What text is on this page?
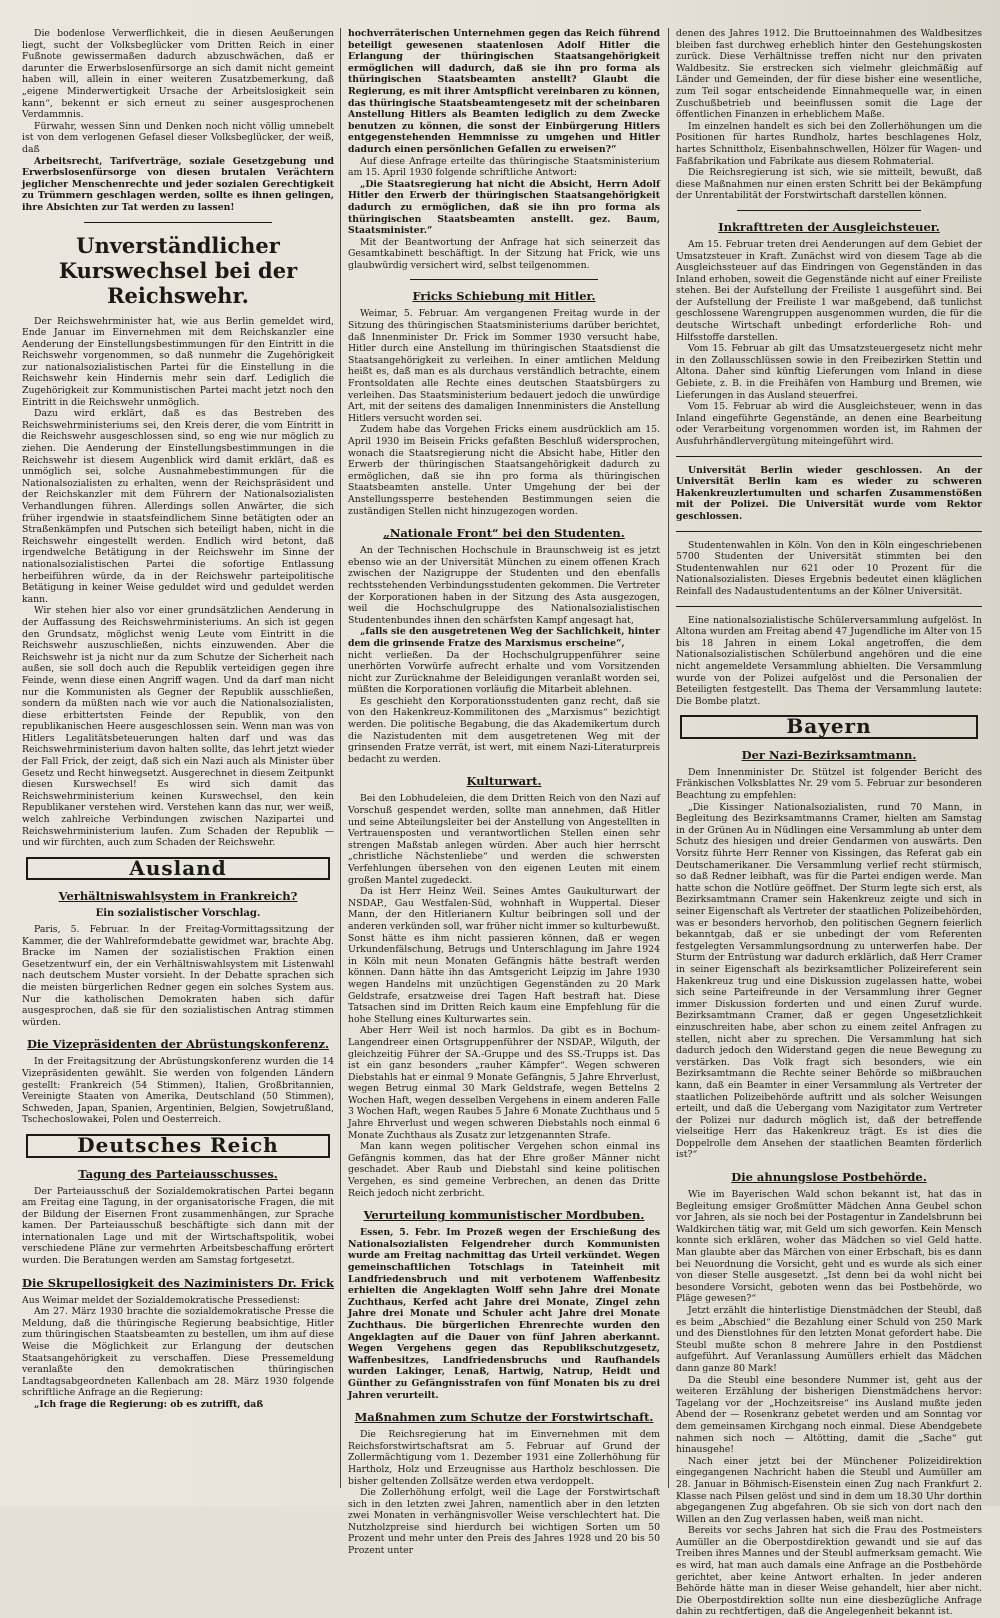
Die bodenlose Verwerflichkeit, die in diesen Aeußerungen liegt, sucht der Volksbeglücker vom Dritten Reich in einer Fußnote gewissermaßen dadurch abzuschwächen, daß er darunter die Erwerbslosenfürsorge an sich damit nicht gemeint haben will, allein in einer weiteren Zusatzbemerkung, daß „eigene Minderwertigkeit Ursache der Arbeitslosigkeit sein kann“, bekennt er sich erneut zu seiner ausgesprochenen Verdammnis.

Fürwahr, wessen Sinn und Denken noch nicht völlig umnebelt ist von dem verlogenen Gefasel dieser Volksbeglücker, der weiß, daß

Arbeitsrecht, Tarifverträge, soziale Gesetzgebung und Erwerbslosenfürsorge von diesen brutalen Verächtern jeglicher Menschenrechte und jeder sozialen Gerechtigkeit zu Trümmern geschlagen werden, sollte es ihnen gelingen, ihre Absichten zur Tat werden zu lassen!

Unverständlicher Kurswechsel bei der Reichswehr.

Der Reichswehrminister hat, wie aus Berlin gemeldet wird, Ende Januar im Einvernehmen mit dem Reichskanzler eine Aenderung der Einstellungsbestimmungen für den Eintritt in die Reichswehr vorgenommen, so daß nunmehr die Zugehörigkeit zur nationalsozialistischen Partei für die Einstellung in die Reichswehr kein Hindernis mehr sein darf. Lediglich die Zugehörigkeit zur Kommunistischen Partei macht jetzt noch den Eintritt in die Reichswehr unmöglich.

Dazu wird erklärt, daß es das Bestreben des Reichswehrministeriums sei, den Kreis derer, die vom Eintritt in die Reichswehr ausgeschlossen sind, so eng wie nur möglich zu ziehen. Die Aenderung der Einstellungsbestimmungen in die Reichswehr ist diesem Augenblick wird damit erklärt, daß es unmöglich sei, solche Ausnahmebestimmungen für die Nationalsozialisten zu erhalten, wenn der Reichspräsident und der Reichskanzler mit dem Führern der Nationalsozialisten Verhandlungen führen. Allerdings sollen Anwärter, die sich früher irgendwie in staatsfeindlichem Sinne betätigten oder an Straßenkämpfen und Putschen sich beteiligt haben, nicht in die Reichswehr eingestellt werden. Endlich wird betont, daß irgendwelche Betätigung in der Reichswehr im Sinne der nationalsozialistischen Partei die sofortige Entlassung herbeiführen würde, da in der Reichswehr parteipolitische Betätigung in keiner Weise geduldet wird und geduldet werden kann.

Wir stehen hier also vor einer grundsätzlichen Aenderung in der Auffassung des Reichswehrministeriums. An sich ist gegen den Grundsatz, möglichst wenig Leute vom Eintritt in die Reichswehr auszuschließen, nichts einzuwenden. Aber die Reichswehr ist ja nicht nur da zum Schutze der Sicherheit nach außen, sie soll doch auch die Republik verteidigen gegen ihre Feinde, wenn diese einen Angriff wagen. Und da darf man nicht nur die Kommunisten als Gegner der Republik ausschließen, sondern da müßten nach wie vor auch die Nationalsozialisten, diese erbittertsten Feinde der Republik, von den republikanischen Heere ausgeschlossen sein. Wenn man was von Hitlers Legalitätsbeteuerungen halten darf und was das Reichswehrministerium davon halten sollte, das lehrt jetzt wieder der Fall Frick, der zeigt, daß sich ein Nazi auch als Minister über Gesetz und Recht hinwegsetzt. Ausgerechnet in diesem Zeitpunkt diesen Kurswechsel! Es wird sich damit das Reichswehrministerium keinen Kurswechsel, den kein Republikaner verstehen wird. Verstehen kann das nur, wer weiß, welch zahlreiche Verbindungen zwischen Nazipartei und Reichswehrministerium laufen. Zum Schaden der Republik — und wir fürchten, auch zum Schaden der Reichswehr.

Ausland
Verhältniswahlsystem in Frankreich?
Ein sozialistischer Vorschlag.

Paris, 5. Februar. In der Freitag-Vormittagssitzung der Kammer, die der Wahlreformdebatte gewidmet war, brachte Abg. Bracke im Namen der sozialistischen Fraktion einen Gesetzentwurf ein, der ein Verhältniswahlsystem mit Listenwahl nach deutschem Muster vorsieht. In der Debatte sprachen sich die meisten bürgerlichen Redner gegen ein solches System aus. Nur die katholischen Demokraten haben sich dafür ausgesprochen, daß sie für den sozialistischen Antrag stimmen würden.

Die Vizepräsidenten der Abrüstungskonferenz.

In der Freitagsitzung der Abrüstungskonferenz wurden die 14 Vizepräsidenten gewählt. Sie werden von folgenden Ländern gestellt: Frankreich (54 Stimmen), Italien, Großbritannien, Vereinigte Staaten von Amerika, Deutschland (50 Stimmen), Schweden, Japan, Spanien, Argentinien, Belgien, Sowjetrußland, Tschechoslowakei, Polen und Oesterreich.

Deutsches Reich
Tagung des Parteiausschusses.

Der Parteiausschuß der Sozialdemokratischen Partei begann am Freitag eine Tagung, in der organisatorische Fragen, die mit der Bildung der Eisernen Front zusammenhängen, zur Sprache kamen. Der Parteiausschuß beschäftigte sich dann mit der internationalen Lage und mit der Wirtschaftspolitik, wobei verschiedene Pläne zur vermehrten Arbeitsbeschaffung erörtert wurden. Die Beratungen werden am Samstag fortgesetzt.

Die Skrupellosigkeit des Naziministers Dr. Frick

Aus Weimar meldet der Sozialdemokratische Pressedienst:

Am 27. März 1930 brachte die sozialdemokratische Presse die Meldung, daß die thüringische Regierung beabsichtige, Hitler zum thüringischen Staatsbeamten zu bestellen, um ihm auf diese Weise die Möglichkeit zur Erlangung der deutschen Staatsangehörigkeit zu verschaffen. Diese Pressemeldung veranlaßte den demokratischen thüringischen Landtagsabgeordneten Kallenbach am 28. März 1930 folgende schriftliche Anfrage an die Regierung:

„Ich frage die Regierung: ob es zutrifft, daß

hochverräterischen Unternehmen gegen das Reich führend beteiligt gewesenen staatenlosen Adolf Hitler die Erlangung der thüringischen Staatsangehörigkeit ermöglichen will dadurch, daß sie ihn pro forma als thüringischen Staatsbeamten anstellt? Glaubt die Regierung, es mit ihrer Amtspflicht vereinbaren zu können, das thüringische Staatsbeamtengesetz mit der scheinbaren Anstellung Hitlers als Beamten lediglich zu dem Zwecke benutzen zu können, die sonst der Einbürgerung Hitlers entgegenstehenden Hemmnisse zu umgehen und Hitler dadurch einen persönlichen Gefallen zu erweisen?“

Auf diese Anfrage erteilte das thüringische Staatsministerium am 15. April 1930 folgende schriftliche Antwort:

„Die Staatsregierung hat nicht die Absicht, Herrn Adolf Hitler den Erwerb der thüringischen Staatsangehörigkeit dadurch zu ermöglichen, daß sie ihn pro forma als thüringischen Staatsbeamten anstellt. gez. Baum, Staatsminister.“

Mit der Beantwortung der Anfrage hat sich seinerzeit das Gesamtkabinett beschäftigt. In der Sitzung hat Frick, wie uns glaubwürdig versichert wird, selbst teilgenommen.

Fricks Schiebung mit Hitler.

Weimar, 5. Februar. Am vergangenen Freitag wurde in der Sitzung des thüringischen Staatsministeriums darüber berichtet, daß Innenminister Dr. Frick im Sommer 1930 versucht habe, Hitler durch eine Anstellung im thüringischen Staatsdienst die Staatsangehörigkeit zu verleihen. In einer amtlichen Meldung heißt es, daß man es als durchaus verständlich betrachte, einem Frontsoldaten alle Rechte eines deutschen Staatsbürgers zu verleihen. Das Staatsministerium bedauert jedoch die unwürdige Art, mit der seitens des damaligen Innenministers die Anstellung Hitlers versucht worden sei.

Zudem habe das Vorgehen Fricks einem ausdrücklich am 15. April 1930 im Beisein Fricks gefaßten Beschluß widersprochen, wonach die Staatsregierung nicht die Absicht habe, Hitler den Erwerb der thüringischen Staatsangehörigkeit dadurch zu ermöglichen, daß sie ihn pro forma als thüringischen Staatsbeamten anstelle. Unter Umgehung der bei der Anstellungssperre bestehenden Bestimmungen seien die zuständigen Stellen nicht hinzugezogen worden.

„Nationale Front“ bei den Studenten.

An der Technischen Hochschule in Braunschweig ist es jetzt ebenso wie an der Universität München zu einem offenen Krach zwischen der Nazigruppe der Studenten und den ebenfalls rechtsstehenden Verbindungsstudenten gekommen. Die Vertreter der Korporationen haben in der Sitzung des Asta ausgezogen, weil die Hochschulgruppe des Nationalsozialistischen Studentenbundes ihnen den schärfsten Kampf angesagt hat,

„falls sie den ausgetretenen Weg der Sachlichkeit, hinter dem die grinsende Fratze des Marxismus erscheine“,

nicht verließen. Da der Hochschulgruppenführer seine unerhörten Vorwürfe aufrecht erhalte und vom Vorsitzenden nicht zur Zurücknahme der Beleidigungen veranlaßt worden sei, müßten die Korporationen vorläufig die Mitarbeit ablehnen.

Es geschieht den Korporationsstudenten ganz recht, daß sie von den Hakenkreuz-Kommilitonen des „Marxismus“ bezichtigt werden. Die politische Begabung, die das Akademikertum durch die Nazistudenten mit dem ausgetretenen Weg mit der grinsenden Fratze verrät, ist wert, mit einem Nazi-Literaturpreis bedacht zu werden.

Kulturwart.

Bei den Lobhudeleien, die dem Dritten Reich von den Nazi auf Vorschuß gespendet werden, sollte man annehmen, daß Hitler und seine Abteilungsleiter bei der Anstellung von Angestellten in Vertrauensposten und verantwortlichen Stellen einen sehr strengen Maßstab anlegen würden. Aber auch hier herrscht „christliche Nächstenliebe“ und werden die schwersten Verfehlungen übersehen von den eigenen Leuten mit einem großen Mantel zugedeckt.

Da ist Herr Heinz Weil. Seines Amtes Gaukulturwart der NSDAP., Gau Westfalen-Süd, wohnhaft in Wuppertal. Dieser Mann, der den Hitlerianern Kultur beibringen soll und der anderen verkünden soll, war früher nicht immer so kulturbewußt. Sonst hätte es ihm nicht passieren können, daß er wegen Urkundenfälschung, Betrugs und Unterschlagung im Jahre 1924 in Köln mit neun Monaten Gefängnis hätte bestraft werden können. Dann hätte ihn das Amtsgericht Leipzig im Jahre 1930 wegen Handelns mit unzüchtigen Gegenständen zu 20 Mark Geldstrafe, ersatzweise drei Tagen Haft bestraft hat. Diese Tatsachen sind im Dritten Reich kaum eine Empfehlung für die hohe Stellung eines Kulturwartes sein.

Aber Herr Weil ist noch harmlos. Da gibt es in Bochum-Langendreer einen Ortsgruppenführer der NSDAP., Wilguth, der gleichzeitig Führer der SA.-Gruppe und des SS.-Trupps ist. Das ist ein ganz besonders „rauher Kämpfer“. Wegen schweren Diebstahls hat er einmal 9 Monate Gefängnis, 5 Jahre Ehrverlust, wegen Betrug einmal 30 Mark Geldstrafe, wegen Bettelns 2 Wochen Haft, wegen desselben Vergehens in einem anderen Falle 3 Wochen Haft, wegen Raubes 5 Jahre 6 Monate Zuchthaus und 5 Jahre Ehrverlust und wegen schweren Diebstahls noch einmal 6 Monate Zuchthaus als Zusatz zur letzgenannten Strafe.

Man kann wegen politischer Vergehen schon einmal ins Gefängnis kommen, das hat der Ehre großer Männer nicht geschadet. Aber Raub und Diebstahl sind keine politischen Vergehen, es sind gemeine Verbrechen, an denen das Dritte Reich jedoch nicht zerbricht.

Verurteilung kommunistischer Mordbuben.

Essen, 5. Febr. Im Prozeß wegen der Erschießung des Nationalsozialisten Felgendreher durch Kommunisten wurde am Freitag nachmittag das Urteil verkündet. Wegen gemeinschaftlichen Totschlags in Tateinheit mit Landfriedensbruch und mit verbotenem Waffenbesitz erhielten die Angeklagten Wolff sehn Jahre drei Monate Zuchthaus, Kerfed acht Jahre drei Monate, Zingel zehn Jahre drei Monate und Schuler acht Jahre drei Monate Zuchthaus. Die bürgerlichen Ehrenrechte wurden den Angeklagten auf die Dauer von fünf Jahren aberkannt. Wegen Vergehens gegen das Republikschutzgesetz, Waffenbesitzes, Landfriedensbruchs und Raufhandels wurden Lakinger, Lenaß, Hartwig, Natrup, Heidt und Günther zu Gefängnisstrafen von fünf Monaten bis zu drei Jahren verurteilt.

Maßnahmen zum Schutze der Forstwirtschaft.

Die Reichsregierung hat im Einvernehmen mit dem Reichsforstwirtschaftsrat am 5. Februar auf Grund der Zollermächtigung vom 1. Dezember 1931 eine Zollerhöhung für Hartholz, Holz und Erzeugnisse aus Hartholz beschlossen. Die bisher geltenden Zollsätze werden etwa verdoppelt.

Die Zollerhöhung erfolgt, weil die Lage der Forstwirtschaft sich in den letzten zwei Jahren, namentlich aber in den letzten zwei Monaten in verhängnisvoller Weise verschlechtert hat. Die Nutzholzpreise sind hierdurch bei wichtigen Sorten um 50 Prozent und mehr unter den Preis des Jahres 1928 und 20 bis 50 Prozent unter

denen des Jahres 1912. Die Bruttoeinnahmen des Waldbesitzes bleiben fast durchweg erheblich hinter den Gestehungskosten zurück. Diese Verhältnisse treffen nicht nur den privaten Waldbesitz. Sie erstrecken sich vielmehr gleichmäßig auf Länder und Gemeinden, der für diese bisher eine wesentliche, zum Teil sogar entscheidende Einnahmequelle war, in einen Zuschußbetrieb und beeinflussen somit die Lage der öffentlichen Finanzen in erheblichem Maße.

Im einzelnen handelt es sich bei den Zollerhöhungen um die Positionen für hartes Rundholz, hartes beschlagenes Holz, hartes Schnittholz, Eisenbahnschwellen, Hölzer für Wagen- und Faßfabrikation und Fabrikate aus diesem Rohmaterial.

Die Reichsregierung ist sich, wie sie mitteilt, bewußt, daß diese Maßnahmen nur einen ersten Schritt bei der Bekämpfung der Unrentabilität der Forstwirtschaft darstellen können.

Inkrafttreten der Ausgleichsteuer.

Am 15. Februar treten drei Aenderungen auf dem Gebiet der Umsatzsteuer in Kraft. Zunächst wird von diesem Tage ab die Ausgleichssteuer auf das Eindringen von Gegenständen in das Inland erhoben, soweit die Gegenstände nicht auf einer Freiliste stehen. Bei der Aufstellung der Freiliste 1 ausgeführt sind. Bei der Aufstellung der Freiliste 1 war maßgebend, daß tunlichst geschlossene Warengruppen ausgenommen wurden, die für die deutsche Wirtschaft unbedingt erforderliche Roh- und Hilfsstoffe darstellen.

Vom 15. Februar ab gilt das Umsatzsteuergesetz nicht mehr in den Zollausschlüssen sowie in den Freibezirken Stettin und Altona. Daher sind künftig Lieferungen vom Inland in diese Gebiete, z. B. in die Freihäfen von Hamburg und Bremen, wie Lieferungen in das Ausland steuerfrei.

Vom 15. Februar ab wird die Ausgleichsteuer, wenn in das Inland eingeführte Gegenstände, an denen eine Bearbeitung oder Verarbeitung vorgenommen worden ist, im Rahmen der Ausfuhrhändlervergütung miteingeführt wird.

Universität Berlin wieder geschlossen. An der Universität Berlin kam es wieder zu schweren Hakenkreuzlertumulten und scharfen Zusammenstößen mit der Polizei. Die Universität wurde vom Rektor geschlossen.

Studentenwahlen in Köln. Von den in Köln eingeschriebenen 5700 Studenten der Universität stimmten bei den Studentenwahlen nur 621 oder 10 Prozent für die Nationalsozialisten. Dieses Ergebnis bedeutet einen kläglichen Reinfall des Nadaustudententums an der Kölner Universität.

Eine nationalsozialistische Schülerversammlung aufgelöst. In Altona wurden am Freitag abend 47 Jugendliche im Alter von 15 bis 18 Jahren in einem Lokal angetroffen, die dem Nationalsozialistischen Schülerbund angehören und die eine nicht angemeldete Versammlung abhielten. Die Versammlung wurde von der Polizei aufgelöst und die Personalien der Beteiligten festgestellt. Das Thema der Versammlung lautete: Die Bombe platzt.

Bayern
Der Nazi-Bezirksamtmann.

Dem Innenminister Dr. Stützel ist folgender Bericht des Fränkischen Volksblattes Nr. 29 vom 5. Februar zur besonderen Beachtung zu empfehlen:

„Die Kissinger Nationalsozialisten, rund 70 Mann, in Begleitung des Bezirksamtmanns Cramer, hielten am Samstag in der Grünen Au in Nüdlingen eine Versammlung ab unter dem Schutz des hiesigen und dreier Gendarmen von auswärts. Den Vorsitz führte Herr Renner von Kissingen, das Referat gab ein Deutschamerikaner. Die Versammlung verlief recht stürmisch, so daß Redner leibhaft, was für die Partei endigen werde. Man hatte schon die Notlüre geöffnet. Der Sturm legte sich erst, als Bezirksamtmann Cramer sein Hakenkreuz zeigte und sich in seiner Eigenschaft als Vertreter der staatlichen Polizeibehörden, was er besonders hervorhob, den politischen Gegnern feierlich bekanntgab, daß er sie unbedingt der vom Referenten festgelegten Versammlungsordnung zu unterwerfen habe. Der Sturm der Entrüstung war dadurch erklärlich, daß Herr Cramer in seiner Eigenschaft als bezirksamtlicher Polizeireferent sein Hakenkreuz trug und eine Diskussion zugelassen hatte, wobei sich seine Parteifreunde in der Versammlung ihrer Gegner immer Diskussion forderten und und einen Zuruf wurde. Bezirksamtmann Cramer, daß er gegen Ungesetzlichkeit einzuschreiten habe, aber schon zu einem zeitel Anfragen zu stellen, nicht aber zu sprechen. Die Versammlung hat sich dadurch jedoch den Widerstand gegen die neue Bewegung zu verstärken. Das Volk fragt sich besonders, wie ein Bezirksamtmann die Rechte seiner Behörde so mißbrauchen kann, daß ein Beamter in einer Versammlung als Vertreter der staatlichen Polizeibehörde auftritt und als solcher Weisungen erteilt, und daß die Uebergang vom Nazigitator zum Vertreter der Polizei nur dadurch möglich ist, daß der betreffende vielseitige Herr das Hakenkreuz trägt. Es ist dies die Doppelrolle dem Ansehen der staatlichen Beamten förderlich ist?“

Die ahnungslose Postbehörde.

Wie im Bayerischen Wald schon bekannt ist, hat das in Begleitung emsiger Großmütter Mädchen Anna Geubel schon vor Jahren, als sie noch bei der Postagentur in Zandelsbrunn bei Waldkirchen tätig war, mit Geld um sich geworfen. Kein Mensch konnte sich erklären, woher das Mädchen so viel Geld hatte. Man glaubte aber das Märchen von einer Erbschaft, bis es dann bei Neuordnung die Vorsicht, geht und es wurde als sich einer von dieser Stelle ausgesetzt. „Ist denn bei da wohl nicht bei besondere Vorsicht, geboten wenn das bei Postbehörde, wo Pläge gewesen?“

Jetzt erzählt die hinterlistige Dienstmädchen der Steubl, daß es beim „Abschied“ die Bezahlung einer Schuld von 250 Mark und des Dienstlohnes für den letzten Monat gefordert habe. Die Steubl mußte schon 8 mehrere Jahre in den Postdienst aufgeführt. Auf Veranlassung Aumüllers erhielt das Mädchen dann ganze 80 Mark!

Da die Steubl eine besondere Nummer ist, geht aus der weiteren Erzählung der bisherigen Dienstmädchens hervor: Tagelang vor der „Hochzeitsreise“ ins Ausland mußte jeden Abend der — Rosenkranz gebetet werden und am Sonntag vor dem gemeinsamen Kirchgang noch einmal. Diese Abendgebete nahmen sich noch — Altötting, damit die „Sache“ gut hinausgehe!

Nach einer jetzt bei der Münchener Polizeidirektion eingegangenen Nachricht haben die Steubl und Aumüller am 28. Januar in Böhmisch-Eisenstein einen Zug nach Frankfurt 2. Klasse nach Pilsen gelöst und sind in dem um 18.30 Uhr dorthin abgegangenen Zug abgefahren. Ob sie sich von dort nach den Willen an den Zug verlassen haben, weiß man nicht.

Bereits vor sechs Jahren hat sich die Frau des Postmeisters Aumüller an die Oberpostdirektion gewandt und sie auf das Treiben ihres Mannes und der Steubl aufmerksam gemacht. Wie es wird, hat man auch damals eine Anfrage an die Postbehörde gerichtet, aber keine Antwort erhalten. In jeder anderen Behörde hätte man in dieser Weise gehandelt, hier aber nicht. Die Oberpostdirektion sollte nun eine diesbezügliche Anfrage dahin zu rechtfertigen, daß die Angelegenheit bekannt ist.
